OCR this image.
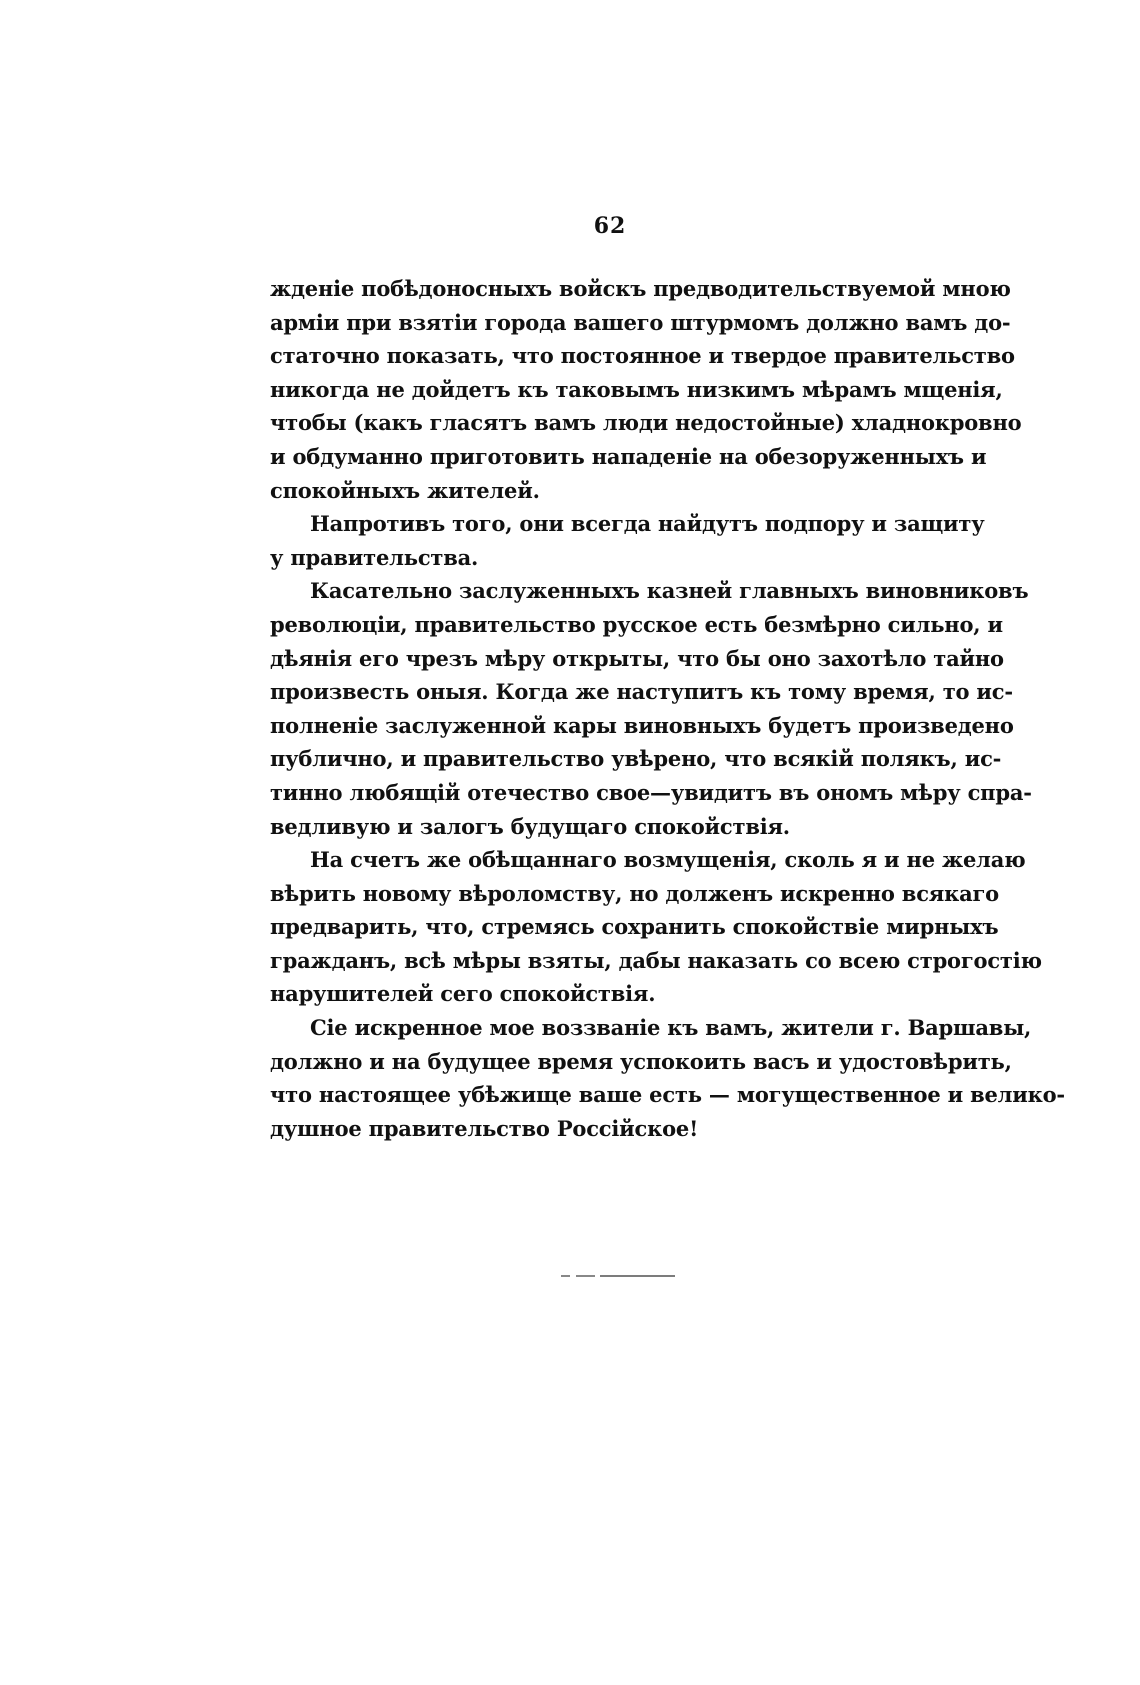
62
жденіе побѣдоносныхъ войскъ предводительствуемой мною
арміи при взятіи города вашего штурмомъ должно вамъ до-
статочно показать, что постоянное и твердое правительство
никогда не дойдетъ къ таковымъ низкимъ мѣрамъ мщенія,
чтобы (какъ гласятъ вамъ люди недостойные) хладнокровно
и обдуманно приготовить нападеніе на обезоруженныхъ и
спокойныхъ жителей.
Напротивъ того, они всегда найдутъ подпору и защиту
у правительства.
Касательно заслуженныхъ казней главныхъ виновниковъ
революціи, правительство русское есть безмѣрно сильно, и
дѣянія его чрезъ мѣру открыты, что бы оно захотѣло тайно
произвесть оныя. Когда же наступитъ къ тому время, то ис-
полненіе заслуженной кары виновныхъ будетъ произведено
публично, и правительство увѣрено, что всякій полякъ, ис-
тинно любящій отечество свое—увидитъ въ ономъ мѣру спра-
ведливую и залогъ будущаго спокойствія.
На счетъ же обѣщаннаго возмущенія, сколь я и не желаю
вѣрить новому вѣроломству, но долженъ искренно всякаго
предварить, что, стремясь сохранить спокойствіе мирныхъ
гражданъ, всѣ мѣры взяты, дабы наказать со всею строгостію
нарушителей сего спокойствія.
Сіе искренное мое воззваніе къ вамъ, жители г. Варшавы,
должно и на будущее время успокоить васъ и удостовѣрить,
что настоящее убѣжище ваше есть — могущественное и велико-
душное правительство Россійское!
